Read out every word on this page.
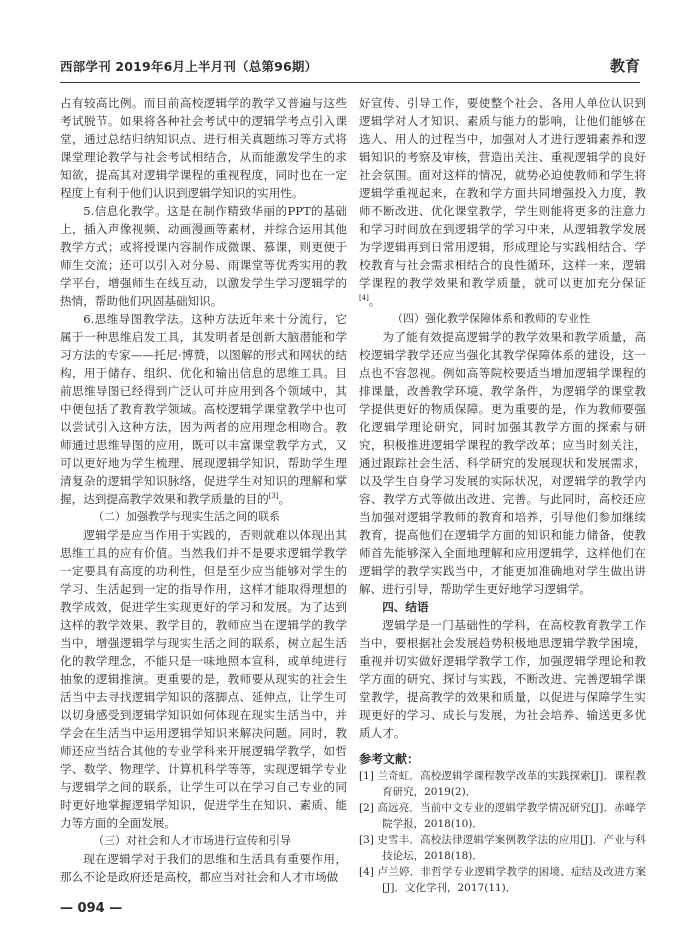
西部学刊 2019年6月上半月刊（总第96期）	教育

占有较高比例。而目前高校逻辑学的教学又普遍与这些考试脱节。如果将各种社会考试中的逻辑学考点引入课堂，通过总结归纳知识点、进行相关真题练习等方式将课堂理论教学与社会考试相结合，从而能激发学生的求知欲，提高其对逻辑学课程的重视程度，同时也在一定程度上有利于他们认识到逻辑学知识的实用性。

5.信息化教学。这是在制作精致华丽的PPT的基础上，插入声像视频、动画漫画等素材，并综合运用其他教学方式；或将授课内容制作成微课、慕课，则更便于师生交流；还可以引入对分易、雨课堂等优秀实用的教学平台，增强师生在线互动，以激发学生学习逻辑学的热情，帮助他们巩固基础知识。

6.思维导图教学法。这种方法近年来十分流行，它属于一种思维启发工具，其发明者是创新大脑潜能和学习方法的专家——托尼·博赞，以图解的形式和网状的结构，用于储存、组织、优化和输出信息的思维工具。目前思维导图已经得到广泛认可并应用到各个领域中，其中便包括了教育教学领域。高校逻辑学课堂教学中也可以尝试引入这种方法，因为两者的应用理念相吻合。教师通过思维导图的应用，既可以丰富课堂教学方式，又可以更好地为学生梳理、展现逻辑学知识，帮助学生理清复杂的逻辑学知识脉络，促进学生对知识的理解和掌握，达到提高教学效果和教学质量的目的[3]。

（二）加强教学与现实生活之间的联系

逻辑学是应当作用于实践的，否则就难以体现出其思维工具的应有价值。当然我们并不是要求逻辑学教学一定要具有高度的功利性，但是至少应当能够对学生的学习、生活起到一定的指导作用，这样才能取得理想的教学成效，促进学生实现更好的学习和发展。为了达到这样的教学效果、教学目的，教师应当在逻辑学的教学当中，增强逻辑学与现实生活之间的联系，树立起生活化的教学理念，不能只是一味地照本宣科，或单纯进行抽象的逻辑推演。更重要的是，教师要从现实的社会生活当中去寻找逻辑学知识的落脚点、延伸点，让学生可以切身感受到逻辑学知识如何体现在现实生活当中，并学会在生活当中运用逻辑学知识来解决问题。同时，教师还应当结合其他的专业学科来开展逻辑学教学，如哲学、数学、物理学、计算机科学等等，实现逻辑学专业与逻辑学之间的联系，让学生可以在学习自己专业的同时更好地掌握逻辑学知识，促进学生在知识、素质、能力等方面的全面发展。

（三）对社会和人才市场进行宣传和引导

现在逻辑学对于我们的思维和生活具有重要作用，那么不论是政府还是高校，都应当对社会和人才市场做

好宣传、引导工作，要使整个社会、各用人单位认识到逻辑学对人才知识、素质与能力的影响，让他们能够在选人、用人的过程当中，加强对人才进行逻辑素养和逻辑知识的考察及审核，营造出关注、重视逻辑学的良好社会氛围。面对这样的情况，就势必迫使教师和学生将逻辑学重视起来，在教和学方面共同增强投入力度，教师不断改进、优化课堂教学，学生则能将更多的注意力和学习时间放在到逻辑学的学习中来，从逻辑教学发展为学逻辑再到日常用逻辑，形成理论与实践相结合、学校教育与社会需求相结合的良性循环，这样一来，逻辑学课程的教学效果和教学质量，就可以更加充分保证[4]。

（四）强化教学保障体系和教师的专业性

为了能有效提高逻辑学的教学效果和教学质量，高校逻辑学教学还应当强化其教学保障体系的建设，这一点也不容忽视。例如高等院校要适当增加逻辑学课程的排课量，改善教学环境、教学条件，为逻辑学的课堂教学提供更好的物质保障。更为重要的是，作为教师要强化逻辑学理论研究，同时加强其教学方面的探索与研究，积极推进逻辑学课程的教学改革；应当时刻关注，通过跟踪社会生活、科学研究的发展现状和发展需求，以及学生自身学习发展的实际状况，对逻辑学的教学内容、教学方式等做出改进、完善。与此同时，高校还应当加强对逻辑学教师的教育和培养，引导他们参加继续教育，提高他们在逻辑学方面的知识和能力储备，使教师首先能够深入全面地理解和应用逻辑学，这样他们在逻辑学的教学实践当中，才能更加准确地对学生做出讲解、进行引导，帮助学生更好地学习逻辑学。

四、结语

逻辑学是一门基础性的学科，在高校教育教学工作当中，要根据社会发展趋势积极地思逻辑学教学困境，重视并切实做好逻辑学教学工作，加强逻辑学理论和教学方面的研究、探讨与实践，不断改进、完善逻辑学课堂教学，提高教学的效果和质量，以促进与保障学生实现更好的学习、成长与发展，为社会培养、输送更多优质人才。

参考文献：

[1] 兰奇虹．高校逻辑学课程教学改革的实践探索[J]．课程教育研究，2019(2)．

[2] 高远亮．当前中文专业的逻辑学教学情况研究[J]．赤峰学院学报，2018(10)．

[3] 史雪丰．高校法律逻辑学案例教学法的应用[J]．产业与科技论坛，2018(18)．

[4] 卢兰婷．非哲学专业逻辑学教学的困境、症结及改进方案[J]．文化学刊，2017(11)．

— 094 —
